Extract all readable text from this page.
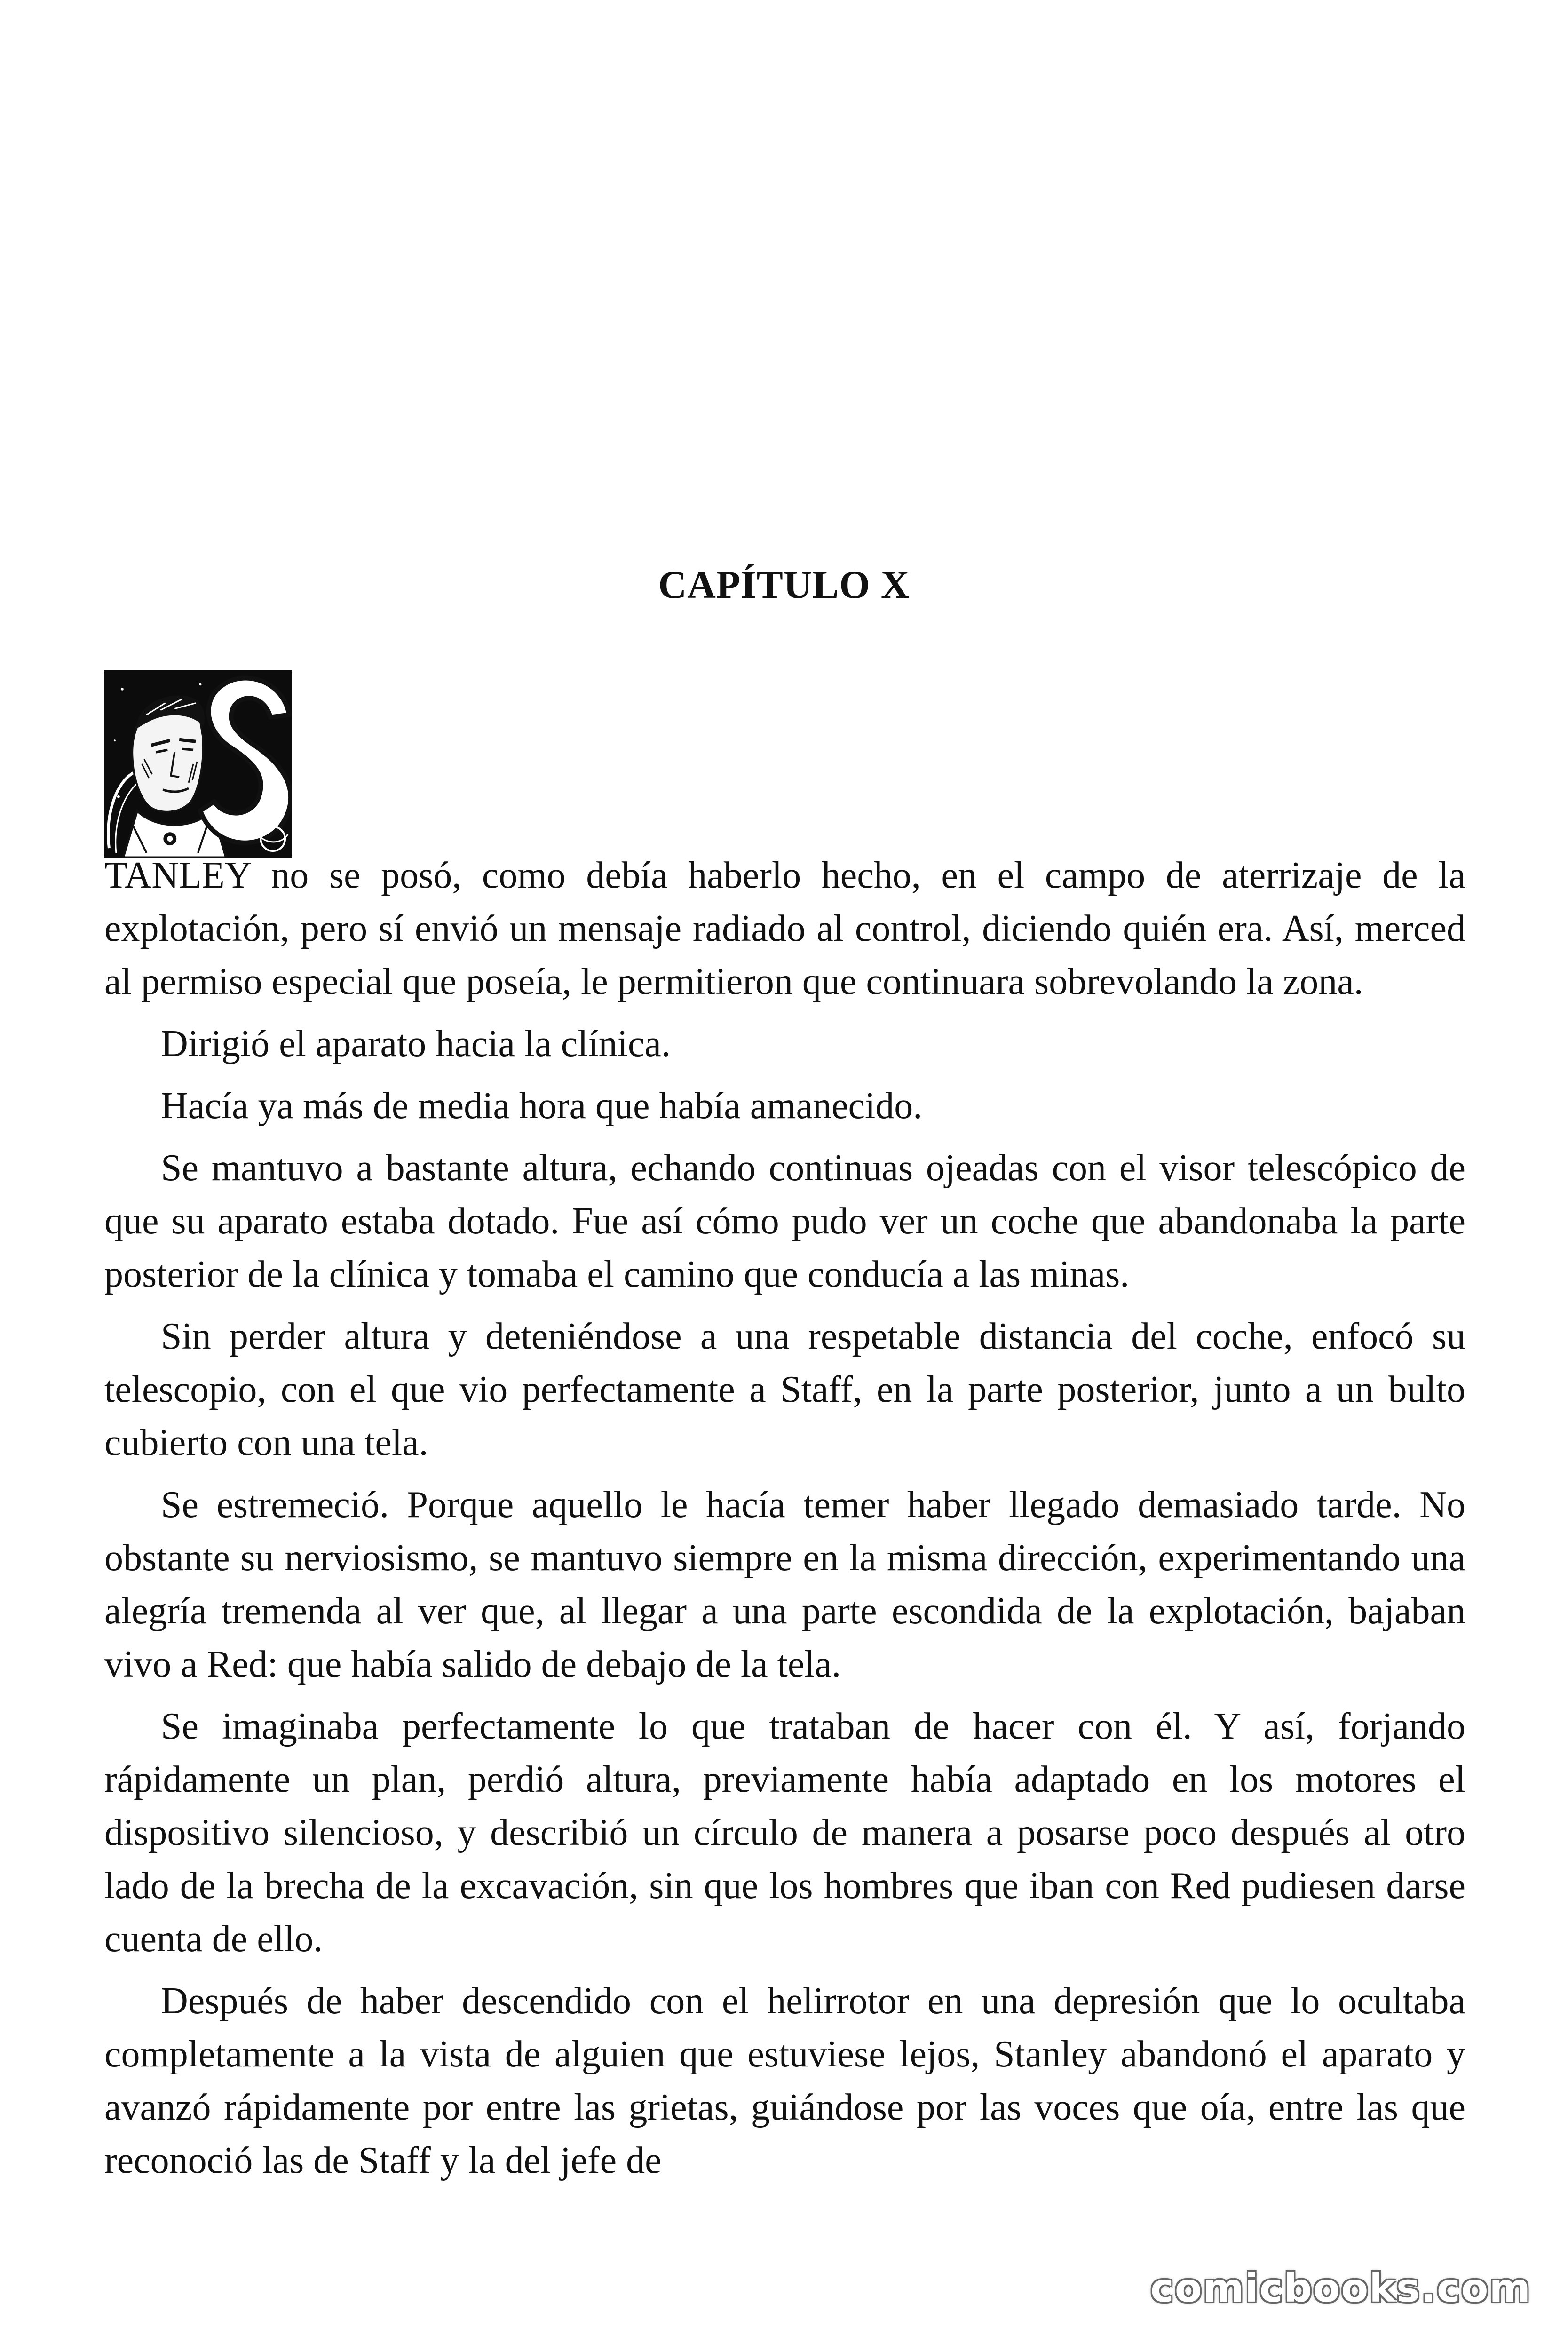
CAPÍTULO X

TANLEY no se posó, como debía haberlo hecho, en el campo de aterrizaje de la explotación, pero sí envió un mensaje radiado al control, diciendo quién era. Así, merced al permiso especial que poseía, le permitieron que continuara sobrevolando la zona.

Dirigió el aparato hacia la clínica.

Hacía ya más de media hora que había amanecido.

Se mantuvo a bastante altura, echando continuas ojeadas con el visor telescópico de que su aparato estaba dotado. Fue así cómo pudo ver un coche que abandonaba la parte posterior de la clínica y tomaba el camino que conducía a las minas.

Sin perder altura y deteniéndose a una respetable distancia del coche, enfocó su telescopio, con el que vio perfectamente a Staff, en la parte posterior, junto a un bulto cubierto con una tela.

Se estremeció. Porque aquello le hacía temer haber llegado demasiado tarde. No obstante su nerviosismo, se mantuvo siempre en la misma dirección, experimentando una alegría tremenda al ver que, al llegar a una parte escondida de la explotación, bajaban vivo a Red: que había salido de debajo de la tela.

Se imaginaba perfectamente lo que trataban de hacer con él. Y así, forjando rápidamente un plan, perdió altura, previamente había adaptado en los motores el dispositivo silencioso, y describió un círculo de manera a posarse poco después al otro lado de la brecha de la excavación, sin que los hombres que iban con Red pudiesen darse cuenta de ello.

Después de haber descendido con el helirrotor en una depresión que lo ocultaba completamente a la vista de alguien que estuviese lejos, Stanley abandonó el aparato y avanzó rápidamente por entre las grietas, guiándose por las voces que oía, entre las que reconoció las de Staff y la del jefe de

comicbooks.com
